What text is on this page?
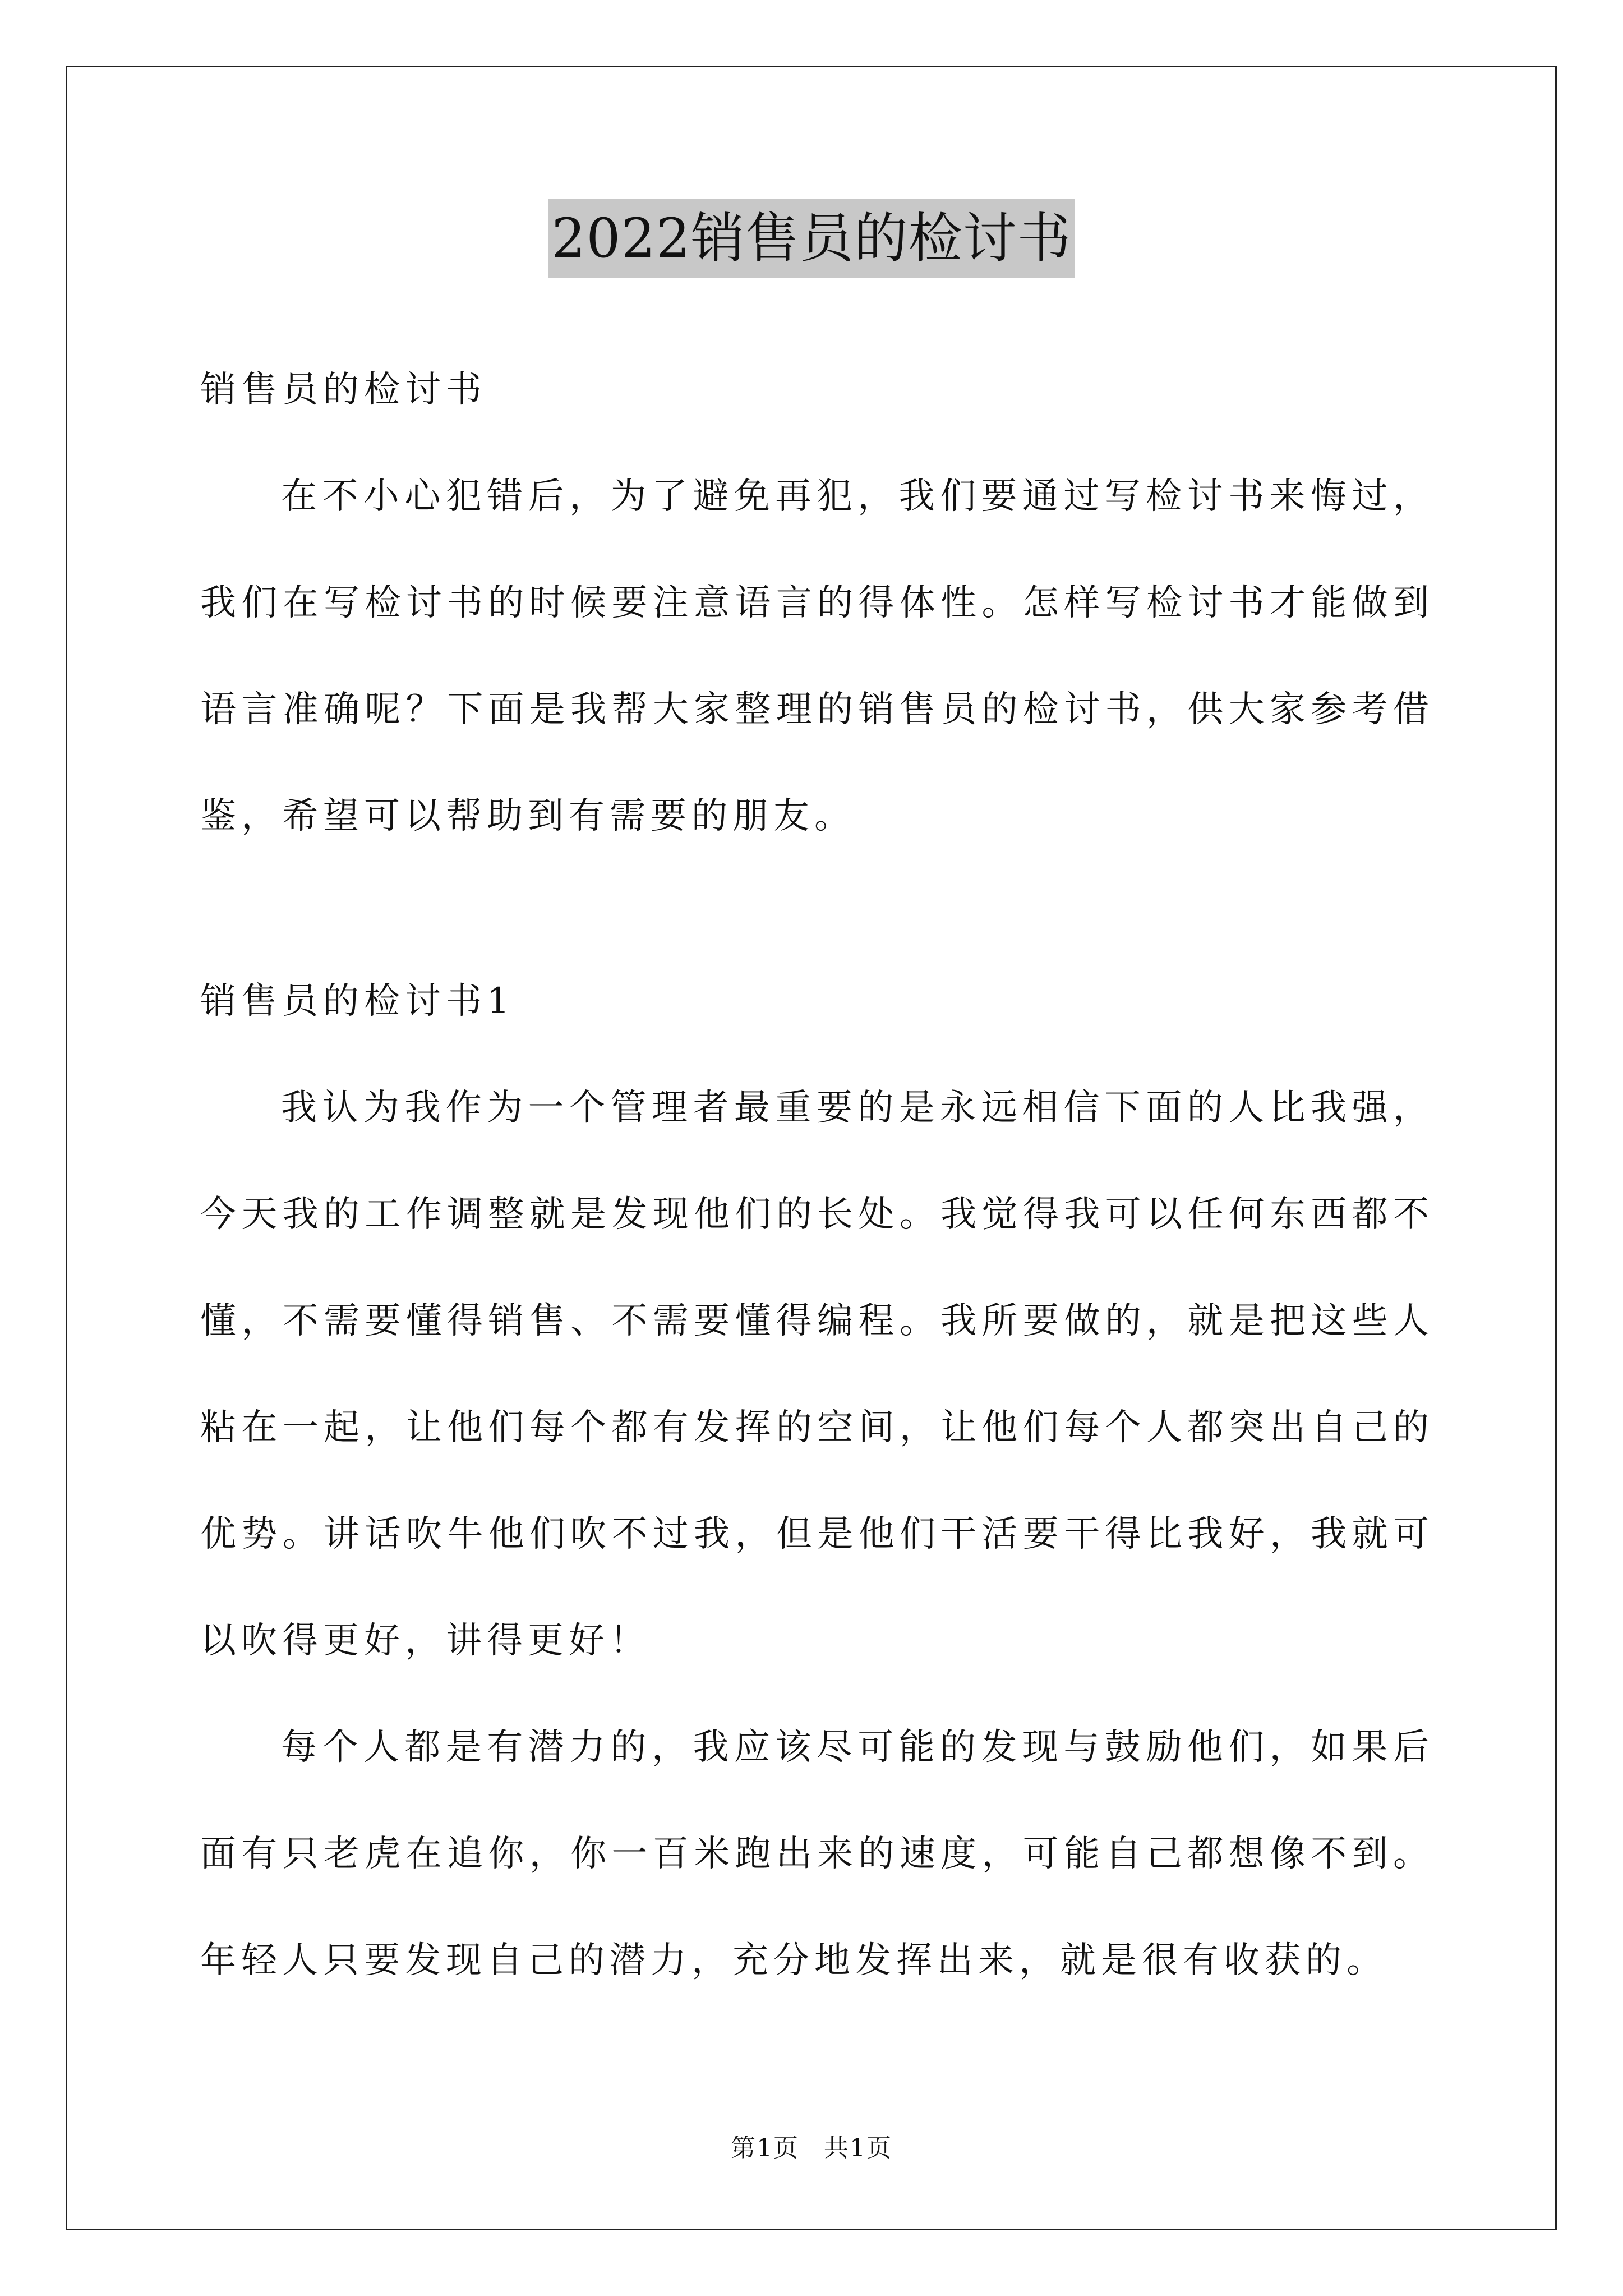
2022销售员的检讨书

销售员的检讨书

在不小心犯错后，为了避免再犯，我们要通过写检讨书来悔过，我们在写检讨书的时候要注意语言的得体性。怎样写检讨书才能做到语言准确呢？下面是我帮大家整理的销售员的检讨书，供大家参考借鉴，希望可以帮助到有需要的朋友。

销售员的检讨书1

我认为我作为一个管理者最重要的是永远相信下面的人比我强，今天我的工作调整就是发现他们的长处。我觉得我可以任何东西都不懂，不需要懂得销售、不需要懂得编程。我所要做的，就是把这些人粘在一起，让他们每个都有发挥的空间，让他们每个人都突出自己的优势。讲话吹牛他们吹不过我，但是他们干活要干得比我好，我就可以吹得更好，讲得更好！

每个人都是有潜力的，我应该尽可能的发现与鼓励他们，如果后面有只老虎在追你，你一百米跑出来的速度，可能自己都想像不到。年轻人只要发现自己的潜力，充分地发挥出来，就是很有收获的。

第1页 共1页
